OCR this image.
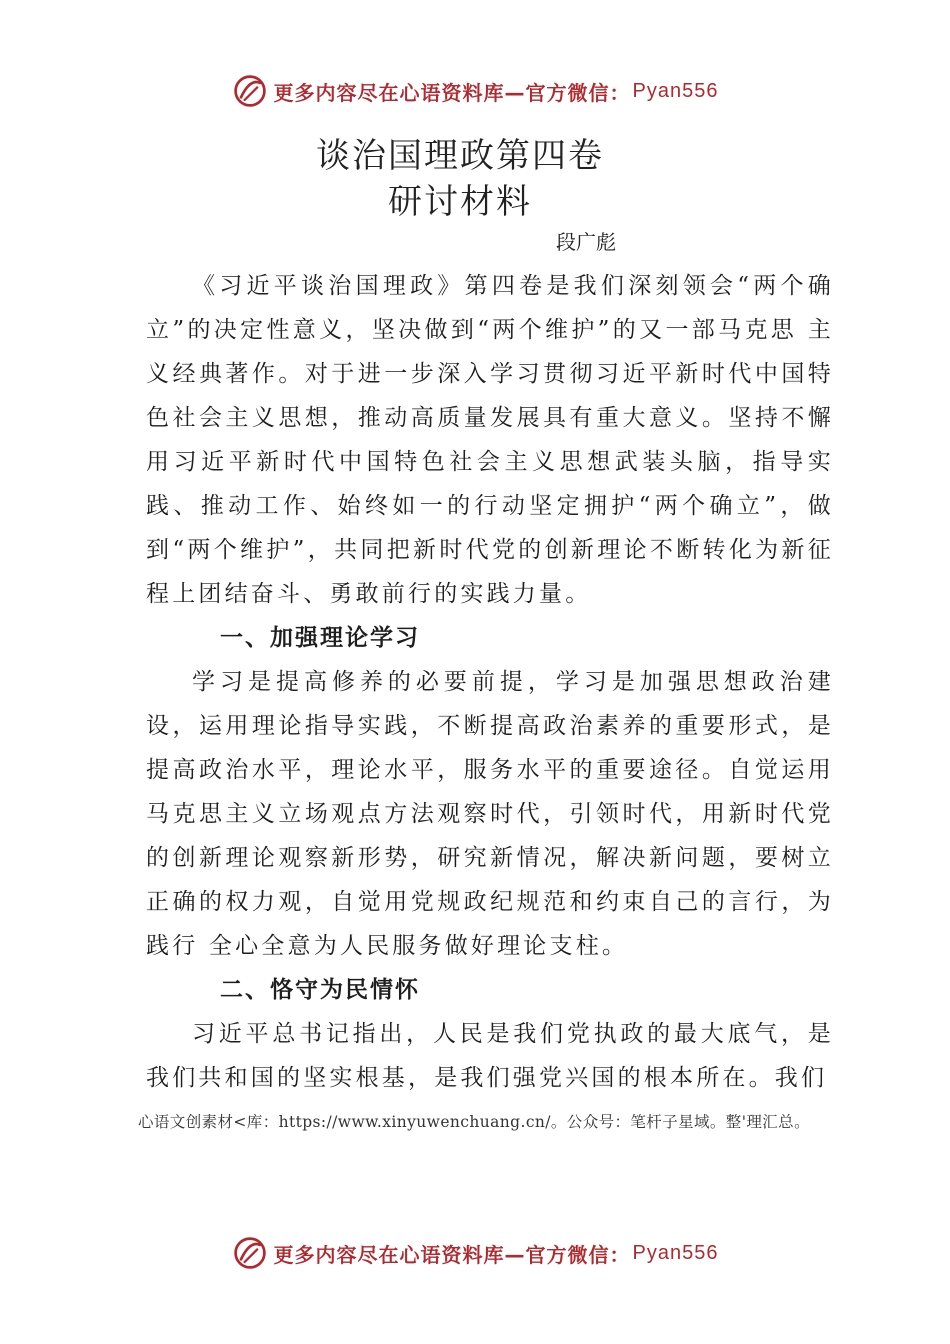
更多内容尽在心语资料库—官方微信： Pyan556
谈治国理政第四卷
研讨材料
段广彪

《习近平谈治国理政》第四卷是我们深刻领会“两个确立”的决定性意义，坚决做到“两个维护”的又一部马克思 主义经典著作。对于进一步深入学习贯彻习近平新时代中国特色社会主义思想，推动高质量发展具有重大意义。坚持不懈用习近平新时代中国特色社会主义思想武装头脑，指导实践、推动工作、始终如一的行动坚定拥护“两个确立”，做到“两个维护”，共同把新时代党的创新理论不断转化为新征程上团结奋斗、勇敢前行的实践力量。

一、加强理论学习

学习是提高修养的必要前提，学习是加强思想政治建设，运用理论指导实践，不断提高政治素养的重要形式，是提高政治水平，理论水平，服务水平的重要途径。自觉运用马克思主义立场观点方法观察时代，引领时代，用新时代党的创新理论观察新形势，研究新情况，解决新问题，要树立正确的权力观，自觉用党规政纪规范和约束自己的言行，为践行 全心全意为人民服务做好理论支柱。

二、恪守为民情怀

习近平总书记指出，人民是我们党执政的最大底气，是我们共和国的坚实根基，是我们强党兴国的根本所在。我们

心语文创素材<库：https://www.xinyuwenchuang.cn/。公众号：笔杆子星域。整'理汇总。
更多内容尽在心语资料库—官方微信： Pyan556
